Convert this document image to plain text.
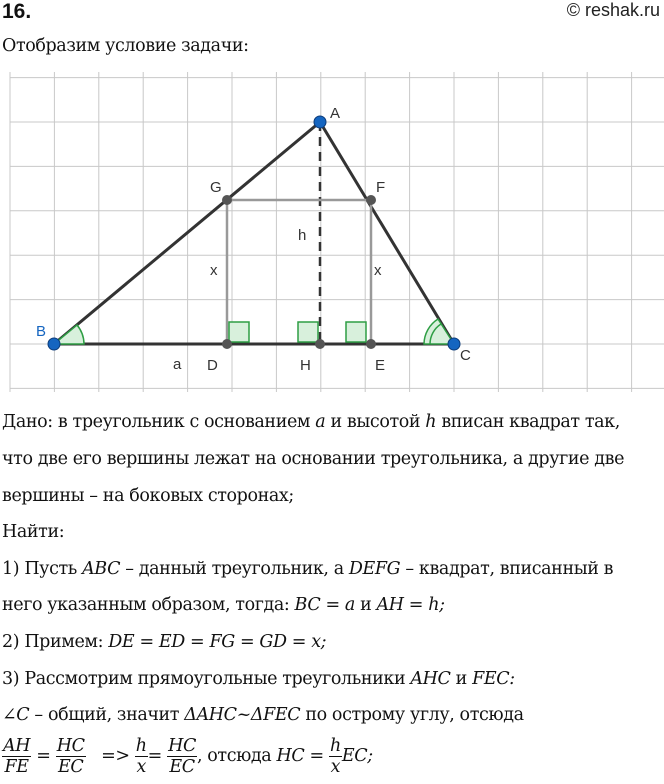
16.	© reshak.ru
Отобразим условие задачи:
A
B
C
G	F
D	H	E
h
x	x
a
Дано: в треугольник с основанием a и высотой h вписан квадрат так,
что две его вершины лежат на основании треугольника, а другие две
вершины – на боковых сторонах;
Найти:
1) Пусть ABC – данный треугольник, а DEFG – квадрат, вписанный в
него указанным образом, тогда: BC = a и AH = h;
2) Примем: DE = ED = FG = GD = x;
3) Рассмотрим прямоугольные треугольники AHC и FEC:
∠C – общий, значит ΔAHC~ΔFEC по острому углу, отсюда
$\frac{AH}{FE} = \frac{HC}{EC} => \frac{h}{x} = \frac{HC}{EC}$ , отсюда HC = $\frac{h}{x}$ EC;
